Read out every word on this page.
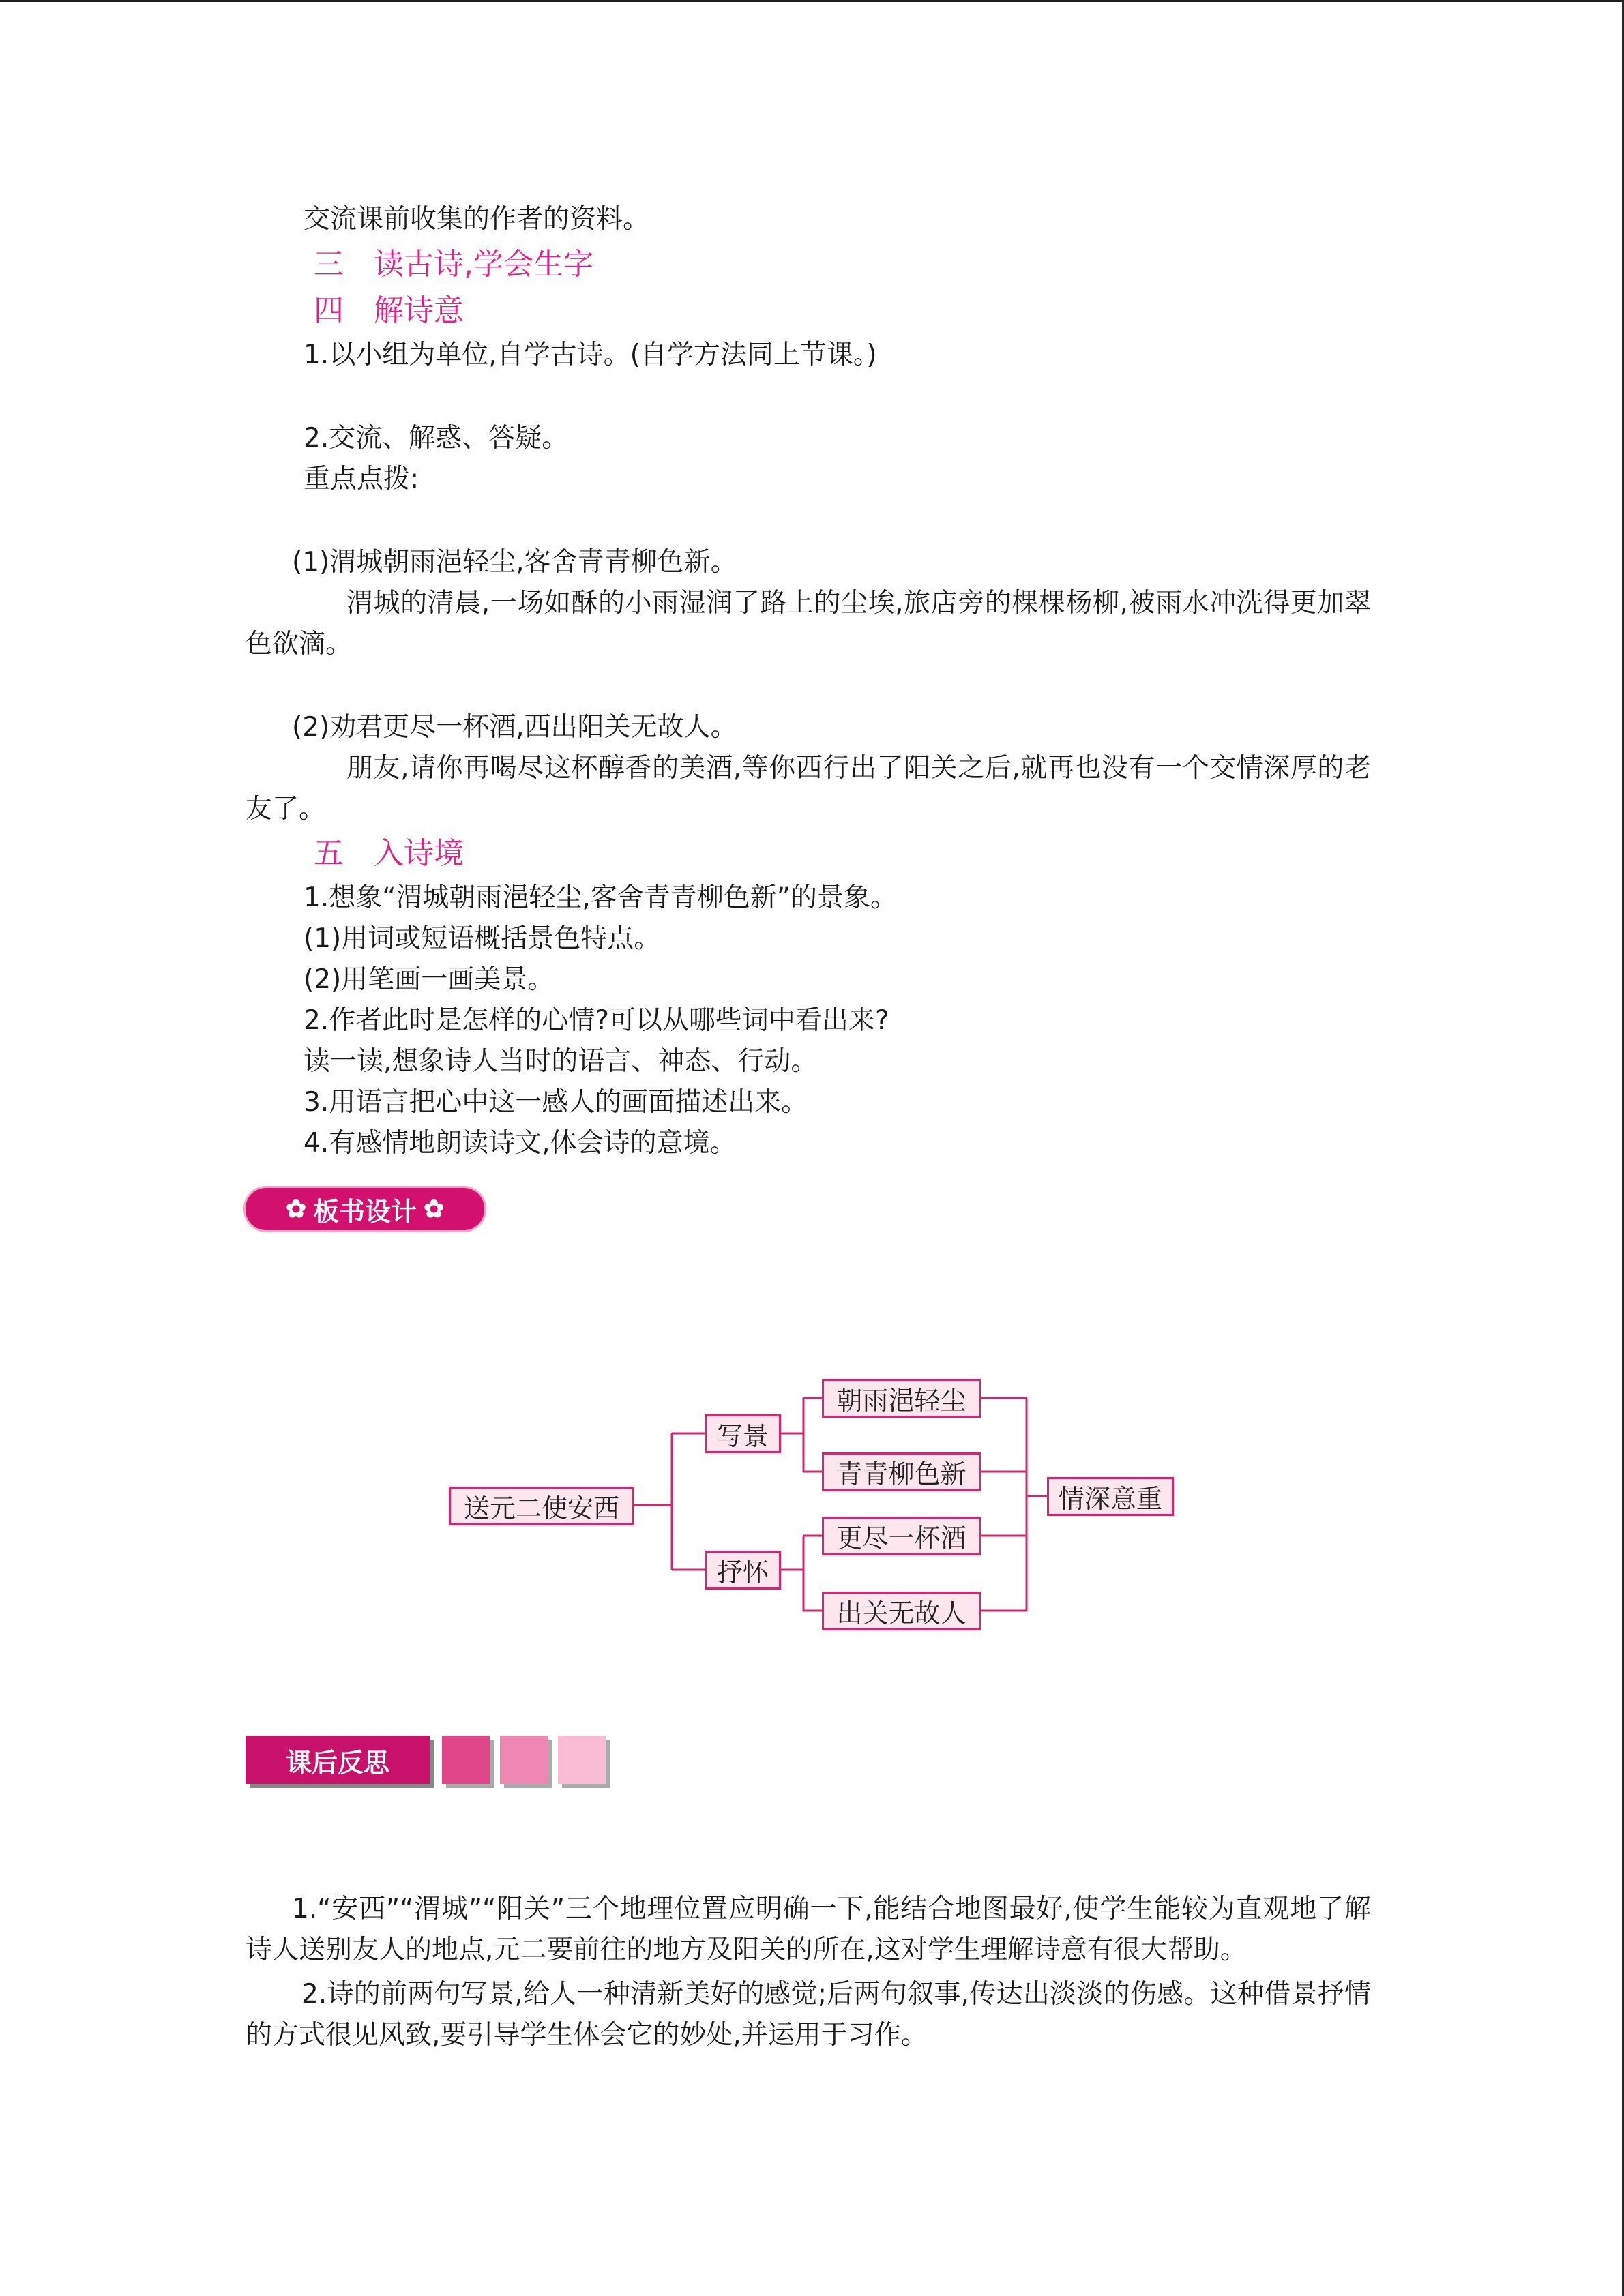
交流课前收集的作者的资料。
三　读古诗,学会生字
四　解诗意
1.以小组为单位,自学古诗。(自学方法同上节课。)
2.交流、解惑、答疑。
重点点拨:
(1)渭城朝雨浥轻尘,客舍青青柳色新。
渭城的清晨,一场如酥的小雨湿润了路上的尘埃,旅店旁的棵棵杨柳,被雨水冲洗得更加翠色欲滴。
(2)劝君更尽一杯酒,西出阳关无故人。
朋友,请你再喝尽这杯醇香的美酒,等你西行出了阳关之后,就再也没有一个交情深厚的老友了。
五　入诗境
1.想象“渭城朝雨浥轻尘,客舍青青柳色新”的景象。
(1)用词或短语概括景色特点。
(2)用笔画一画美景。
2.作者此时是怎样的心情?可以从哪些词中看出来?
读一读,想象诗人当时的语言、神态、行动。
3.用语言把心中这一感人的画面描述出来。
4.有感情地朗读诗文,体会诗的意境。
✿ 板书设计 ✿
送元二使安西
写景
抒怀
朝雨浥轻尘
青青柳色新
更尽一杯酒
出关无故人
情深意重
课后反思
1.“安西”“渭城”“阳关”三个地理位置应明确一下,能结合地图最好,使学生能较为直观地了解诗人送别友人的地点,元二要前往的地方及阳关的所在,这对学生理解诗意有很大帮助。
2.诗的前两句写景,给人一种清新美好的感觉;后两句叙事,传达出淡淡的伤感。这种借景抒情的方式很见风致,要引导学生体会它的妙处,并运用于习作。
